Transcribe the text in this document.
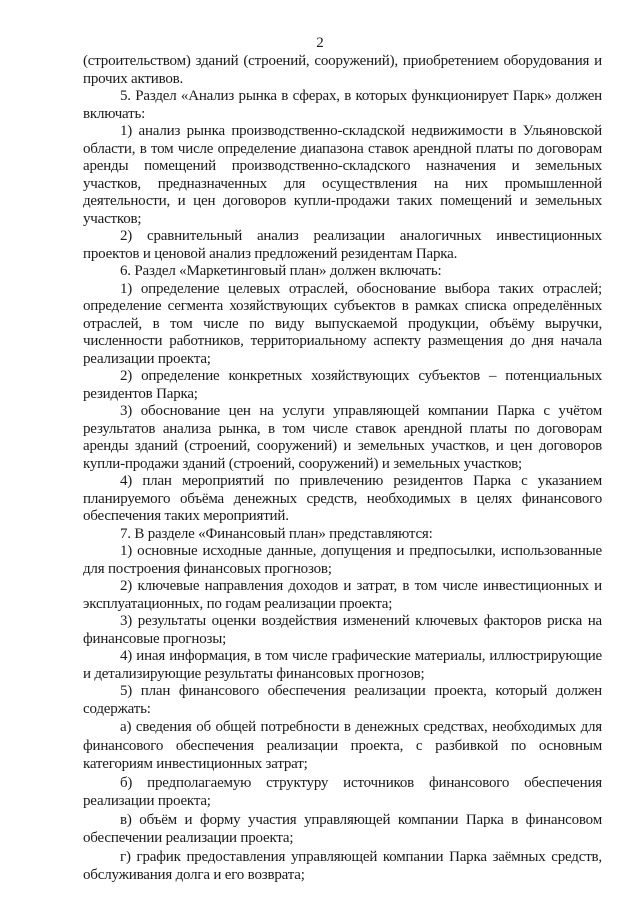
2

(строительством) зданий (строений, сооружений), приобретением оборудования и прочих активов.

5. Раздел «Анализ рынка в сферах, в которых функционирует Парк» должен включать:

1) анализ рынка производственно-складской недвижимости в Ульяновской области, в том числе определение диапазона ставок арендной платы по договорам аренды помещений производственно-складского назначения и земельных участков, предназначенных для осуществления на них промышленной деятельности, и цен договоров купли-продажи таких помещений и земельных участков;

2) сравнительный анализ реализации аналогичных инвестиционных проектов и ценовой анализ предложений резидентам Парка.

6. Раздел «Маркетинговый план» должен включать:

1) определение целевых отраслей, обоснование выбора таких отраслей; определение сегмента хозяйствующих субъектов в рамках списка определённых отраслей, в том числе по виду выпускаемой продукции, объёму выручки, численности работников, территориальному аспекту размещения до дня начала реализации проекта;

2) определение конкретных хозяйствующих субъектов – потенциальных резидентов Парка;

3) обоснование цен на услуги управляющей компании Парка с учётом результатов анализа рынка, в том числе ставок арендной платы по договорам аренды зданий (строений, сооружений) и земельных участков, и цен договоров купли-продажи зданий (строений, сооружений) и земельных участков;

4) план мероприятий по привлечению резидентов Парка с указанием планируемого объёма денежных средств, необходимых в целях финансового обеспечения таких мероприятий.

7. В разделе «Финансовый план» представляются:

1) основные исходные данные, допущения и предпосылки, использованные для построения финансовых прогнозов;

2) ключевые направления доходов и затрат, в том числе инвестиционных и эксплуатационных, по годам реализации проекта;

3) результаты оценки воздействия изменений ключевых факторов риска на финансовые прогнозы;

4) иная информация, в том числе графические материалы, иллюстрирующие и детализирующие результаты финансовых прогнозов;

5) план финансового обеспечения реализации проекта, который должен содержать:

а) сведения об общей потребности в денежных средствах, необходимых для финансового обеспечения реализации проекта, с разбивкой по основным категориям инвестиционных затрат;

б) предполагаемую структуру источников финансового обеспечения реализации проекта;

в) объём и форму участия управляющей компании Парка в финансовом обеспечении реализации проекта;

г) график предоставления управляющей компании Парка заёмных средств, обслуживания долга и его возврата;
